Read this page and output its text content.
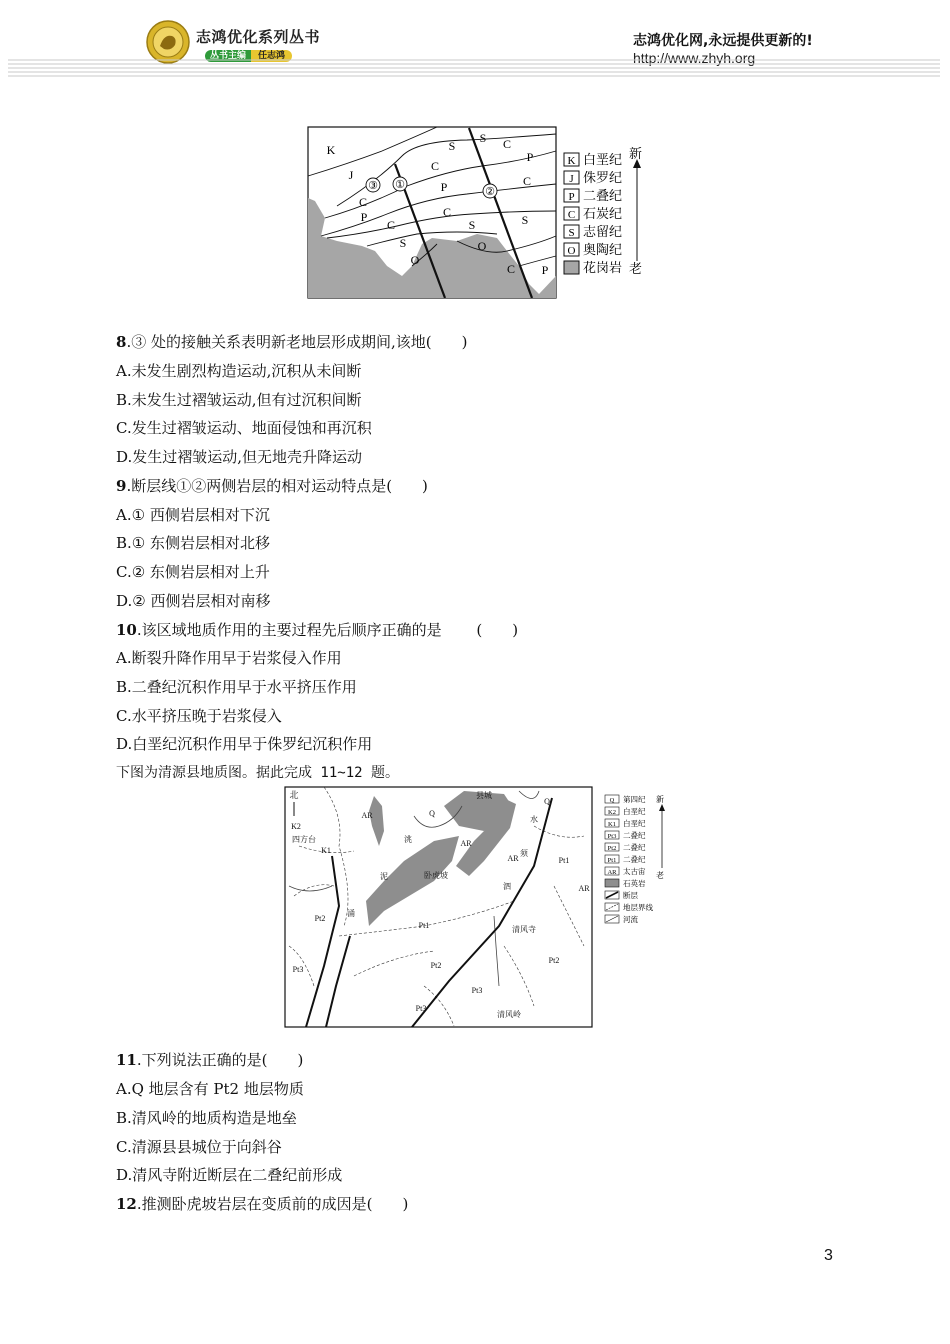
志鸿优化系列丛书
丛书主编 任志鸿
志鸿优化网,永远提供更新的!
http://www.zhyh.org
K
J
C
P
C
S
O
C
P
C
S
S
O
S C
P
C
S
C P
①
②
③
K 白垩纪
J 侏罗纪
P 二叠纪
C 石炭纪
S 志留纪
O 奥陶纪
花岗岩
新
老
8.③ 处的接触关系表明新老地层形成期间,该地(　　)
A.未发生剧烈构造运动,沉积从未间断
B.未发生过褶皱运动,但有过沉积间断
C.发生过褶皱运动、地面侵蚀和再沉积
D.发生过褶皱运动,但无地壳升降运动
9.断层线①②两侧岩层的相对运动特点是(　　)
A.① 西侧岩层相对下沉
B.① 东侧岩层相对北移
C.② 东侧岩层相对上升
D.② 西侧岩层相对南移
10.该区域地质作用的主要过程先后顺序正确的是　　 (　　)
A.断裂升降作用早于岩浆侵入作用
B.二叠纪沉积作用早于水平挤压作用
C.水平挤压晚于岩浆侵入
D.白垩纪沉积作用早于侏罗纪沉积作用
下图为清源县地质图。据此完成 11~12 题。
北	县城
四方台
卧虎坡
清风寺
清风岭
洮
水
泥
须
泗
涌
AR
AR
AR
AR
K2
K1
Q
Q
Pt1
Pt1
Pt2
Pt2
Pt2
Pt3
Pt3
Pt3
Q 第四纪
K2 白垩纪
K1 白垩纪
Pt3 二叠纪
Pt2 二叠纪
Pt1 二叠纪
AR 太古宙
石英岩
断层
地层界线
河流
新
老
11.下列说法正确的是(　　)
A.Q 地层含有 Pt2 地层物质
B.清风岭的地质构造是地垒
C.清源县县城位于向斜谷
D.清风寺附近断层在二叠纪前形成
12.推测卧虎坡岩层在变质前的成因是(　　)
3
